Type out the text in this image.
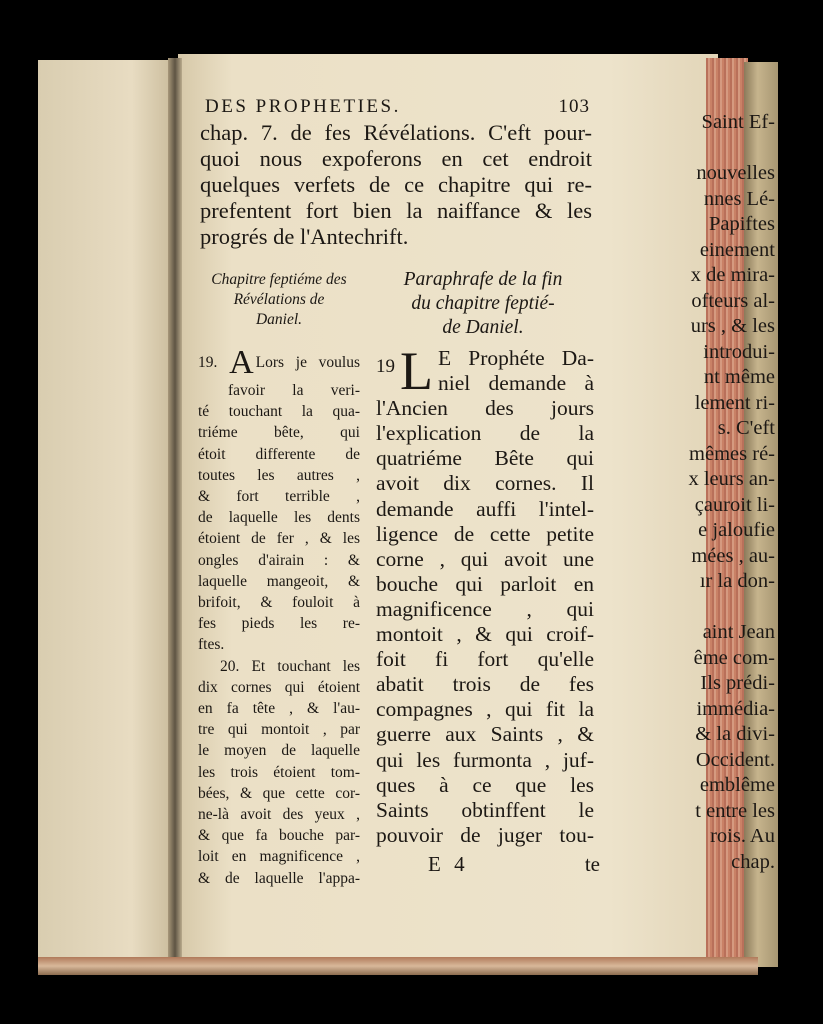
Saint Ef-
nouvelles
nnes Lé-
Papiftes
einement
x de mira-
ofteurs al-
urs , & les
introdui-
nt même
lement ri-
s. C'eft
mêmes ré-
x leurs an-
çauroit li-
e jaloufie
mées , au-
ır la don-
aint Jean
ême com-
Ils prédi-
immédia-
& la divi-
Occident.
emblême
t entre les
rois. Au
chap.
DES PROPHETIES.	103
chap. 7. de fes Révélations. C'eft pour-
quoi nous expoferons en cet endroit
quelques verfets de ce chapitre qui re-
prefentent fort bien la naiffance & les
progrés de l'Antechrift.
Chapitre feptiéme des
Révélations de
Daniel.
Paraphrafe de la fin
du chapitre feptié-
de Daniel.
19. A Lors je voulus
favoir la veri-
té touchant la qua-
triéme bête, qui
étoit differente de
toutes les autres ,
& fort terrible ,
de laquelle les dents
étoient de fer , & les
ongles d'airain : &
laquelle mangeoit, &
brifoit, & fouloit à
fes pieds les re-
ftes.
20. Et touchant les
dix cornes qui étoient
en fa tête , & l'au-
tre qui montoit , par
le moyen de laquelle
les trois étoient tom-
bées, & que cette cor-
ne-là avoit des yeux ,
& que fa bouche par-
loit en magnificence ,
& de laquelle l'appa-
19 L E Prophéte Da-
niel demande à
l'Ancien des jours
l'explication de la
quatriéme Bête qui
avoit dix cornes. Il
demande auffi l'intel-
ligence de cette petite
corne , qui avoit une
bouche qui parloit en
magnificence , qui
montoit , & qui croif-
foit fi fort qu'elle
abatit trois de fes
compagnes , qui fit la
guerre aux Saints , &
qui les furmonta , juf-
ques à ce que les
Saints obtinffent le
pouvoir de juger tou-
E 4	te
